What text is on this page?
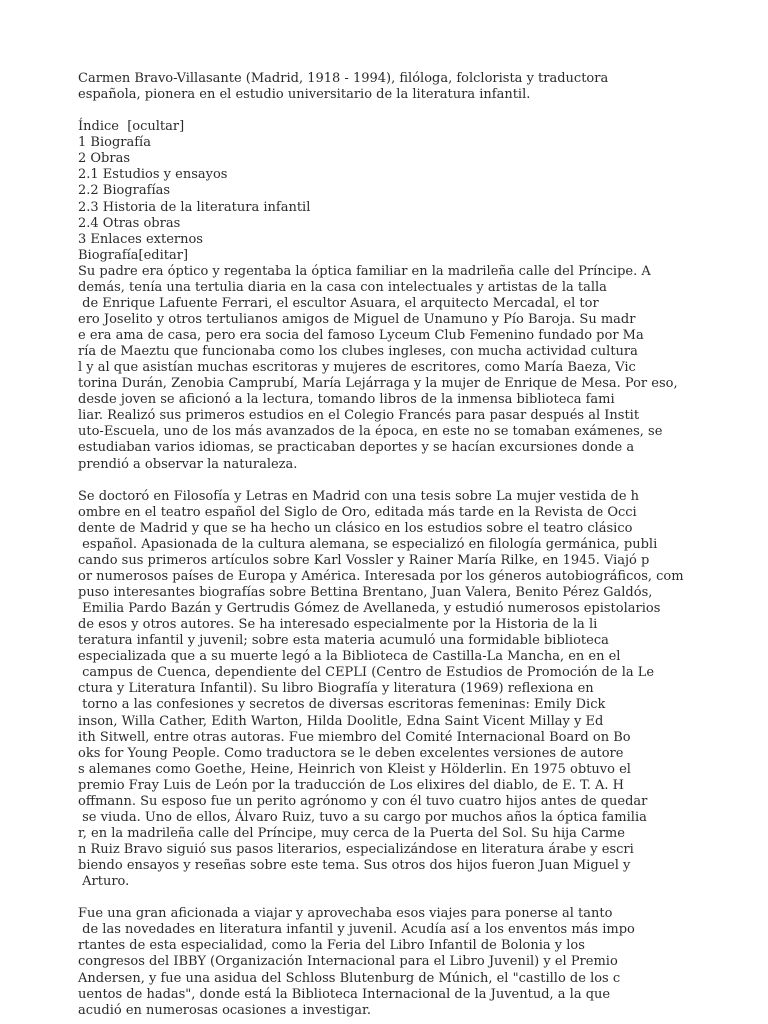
Carmen Bravo-Villasante (Madrid, 1918 - 1994), filóloga, folclorista y traductora
española, pionera en el estudio universitario de la literatura infantil.

Índice  [ocultar]
1 Biografía
2 Obras
2.1 Estudios y ensayos
2.2 Biografías
2.3 Historia de la literatura infantil
2.4 Otras obras
3 Enlaces externos
Biografía[editar]
Su padre era óptico y regentaba la óptica familiar en la madrileña calle del Príncipe. A
demás, tenía una tertulia diaria en la casa con intelectuales y artistas de la talla
de Enrique Lafuente Ferrari, el escultor Asuara, el arquitecto Mercadal, el tor
ero Joselito y otros tertulianos amigos de Miguel de Unamuno y Pío Baroja. Su madr
e era ama de casa, pero era socia del famoso Lyceum Club Femenino fundado por Ma
ría de Maeztu que funcionaba como los clubes ingleses, con mucha actividad cultura
l y al que asistían muchas escritoras y mujeres de escritores, como María Baeza, Vic
torina Durán, Zenobia Camprubí, María Lejárraga y la mujer de Enrique de Mesa. Por eso,
desde joven se aficionó a la lectura, tomando libros de la inmensa biblioteca fami
liar. Realizó sus primeros estudios en el Colegio Francés para pasar después al Instit
uto-Escuela, uno de los más avanzados de la época, en este no se tomaban exámenes, se
estudiaban varios idiomas, se practicaban deportes y se hacían excursiones donde a
prendió a observar la naturaleza.

Se doctoró en Filosofía y Letras en Madrid con una tesis sobre La mujer vestida de h
ombre en el teatro español del Siglo de Oro, editada más tarde en la Revista de Occi
dente de Madrid y que se ha hecho un clásico en los estudios sobre el teatro clásico
español. Apasionada de la cultura alemana, se especializó en filología germánica, publi
cando sus primeros artículos sobre Karl Vossler y Rainer María Rilke, en 1945. Viajó p
or numerosos países de Europa y América. Interesada por los géneros autobiográficos, com
puso interesantes biografías sobre Bettina Brentano, Juan Valera, Benito Pérez Galdós,
Emilia Pardo Bazán y Gertrudis Gómez de Avellaneda, y estudió numerosos epistolarios
de esos y otros autores. Se ha interesado especialmente por la Historia de la li
teratura infantil y juvenil; sobre esta materia acumuló una formidable biblioteca
especializada que a su muerte legó a la Biblioteca de Castilla-La Mancha, en en el
campus de Cuenca, dependiente del CEPLI (Centro de Estudios de Promoción de la Le
ctura y Literatura Infantil). Su libro Biografía y literatura (1969) reflexiona en
torno a las confesiones y secretos de diversas escritoras femeninas: Emily Dick
inson, Willa Cather, Edith Warton, Hilda Doolitle, Edna Saint Vicent Millay y Ed
ith Sitwell, entre otras autoras. Fue miembro del Comité Internacional Board on Bo
oks for Young People. Como traductora se le deben excelentes versiones de autore
s alemanes como Goethe, Heine, Heinrich von Kleist y Hölderlin. En 1975 obtuvo el
premio Fray Luis de León por la traducción de Los elixires del diablo, de E. T. A. H
offmann. Su esposo fue un perito agrónomo y con él tuvo cuatro hijos antes de quedar
se viuda. Uno de ellos, Álvaro Ruiz, tuvo a su cargo por muchos años la óptica familia
r, en la madrileña calle del Príncipe, muy cerca de la Puerta del Sol. Su hija Carme
n Ruiz Bravo siguió sus pasos literarios, especializándose en literatura árabe y escri
biendo ensayos y reseñas sobre este tema. Sus otros dos hijos fueron Juan Miguel y
Arturo.

Fue una gran aficionada a viajar y aprovechaba esos viajes para ponerse al tanto
de las novedades en literatura infantil y juvenil. Acudía así a los enventos más impo
rtantes de esta especialidad, como la Feria del Libro Infantil de Bolonia y los
congresos del IBBY (Organización Internacional para el Libro Juvenil) y el Premio
Andersen, y fue una asidua del Schloss Blutenburg de Múnich, el "castillo de los c
uentos de hadas", donde está la Biblioteca Internacional de la Juventud, a la que
acudió en numerosas ocasiones a investigar.
